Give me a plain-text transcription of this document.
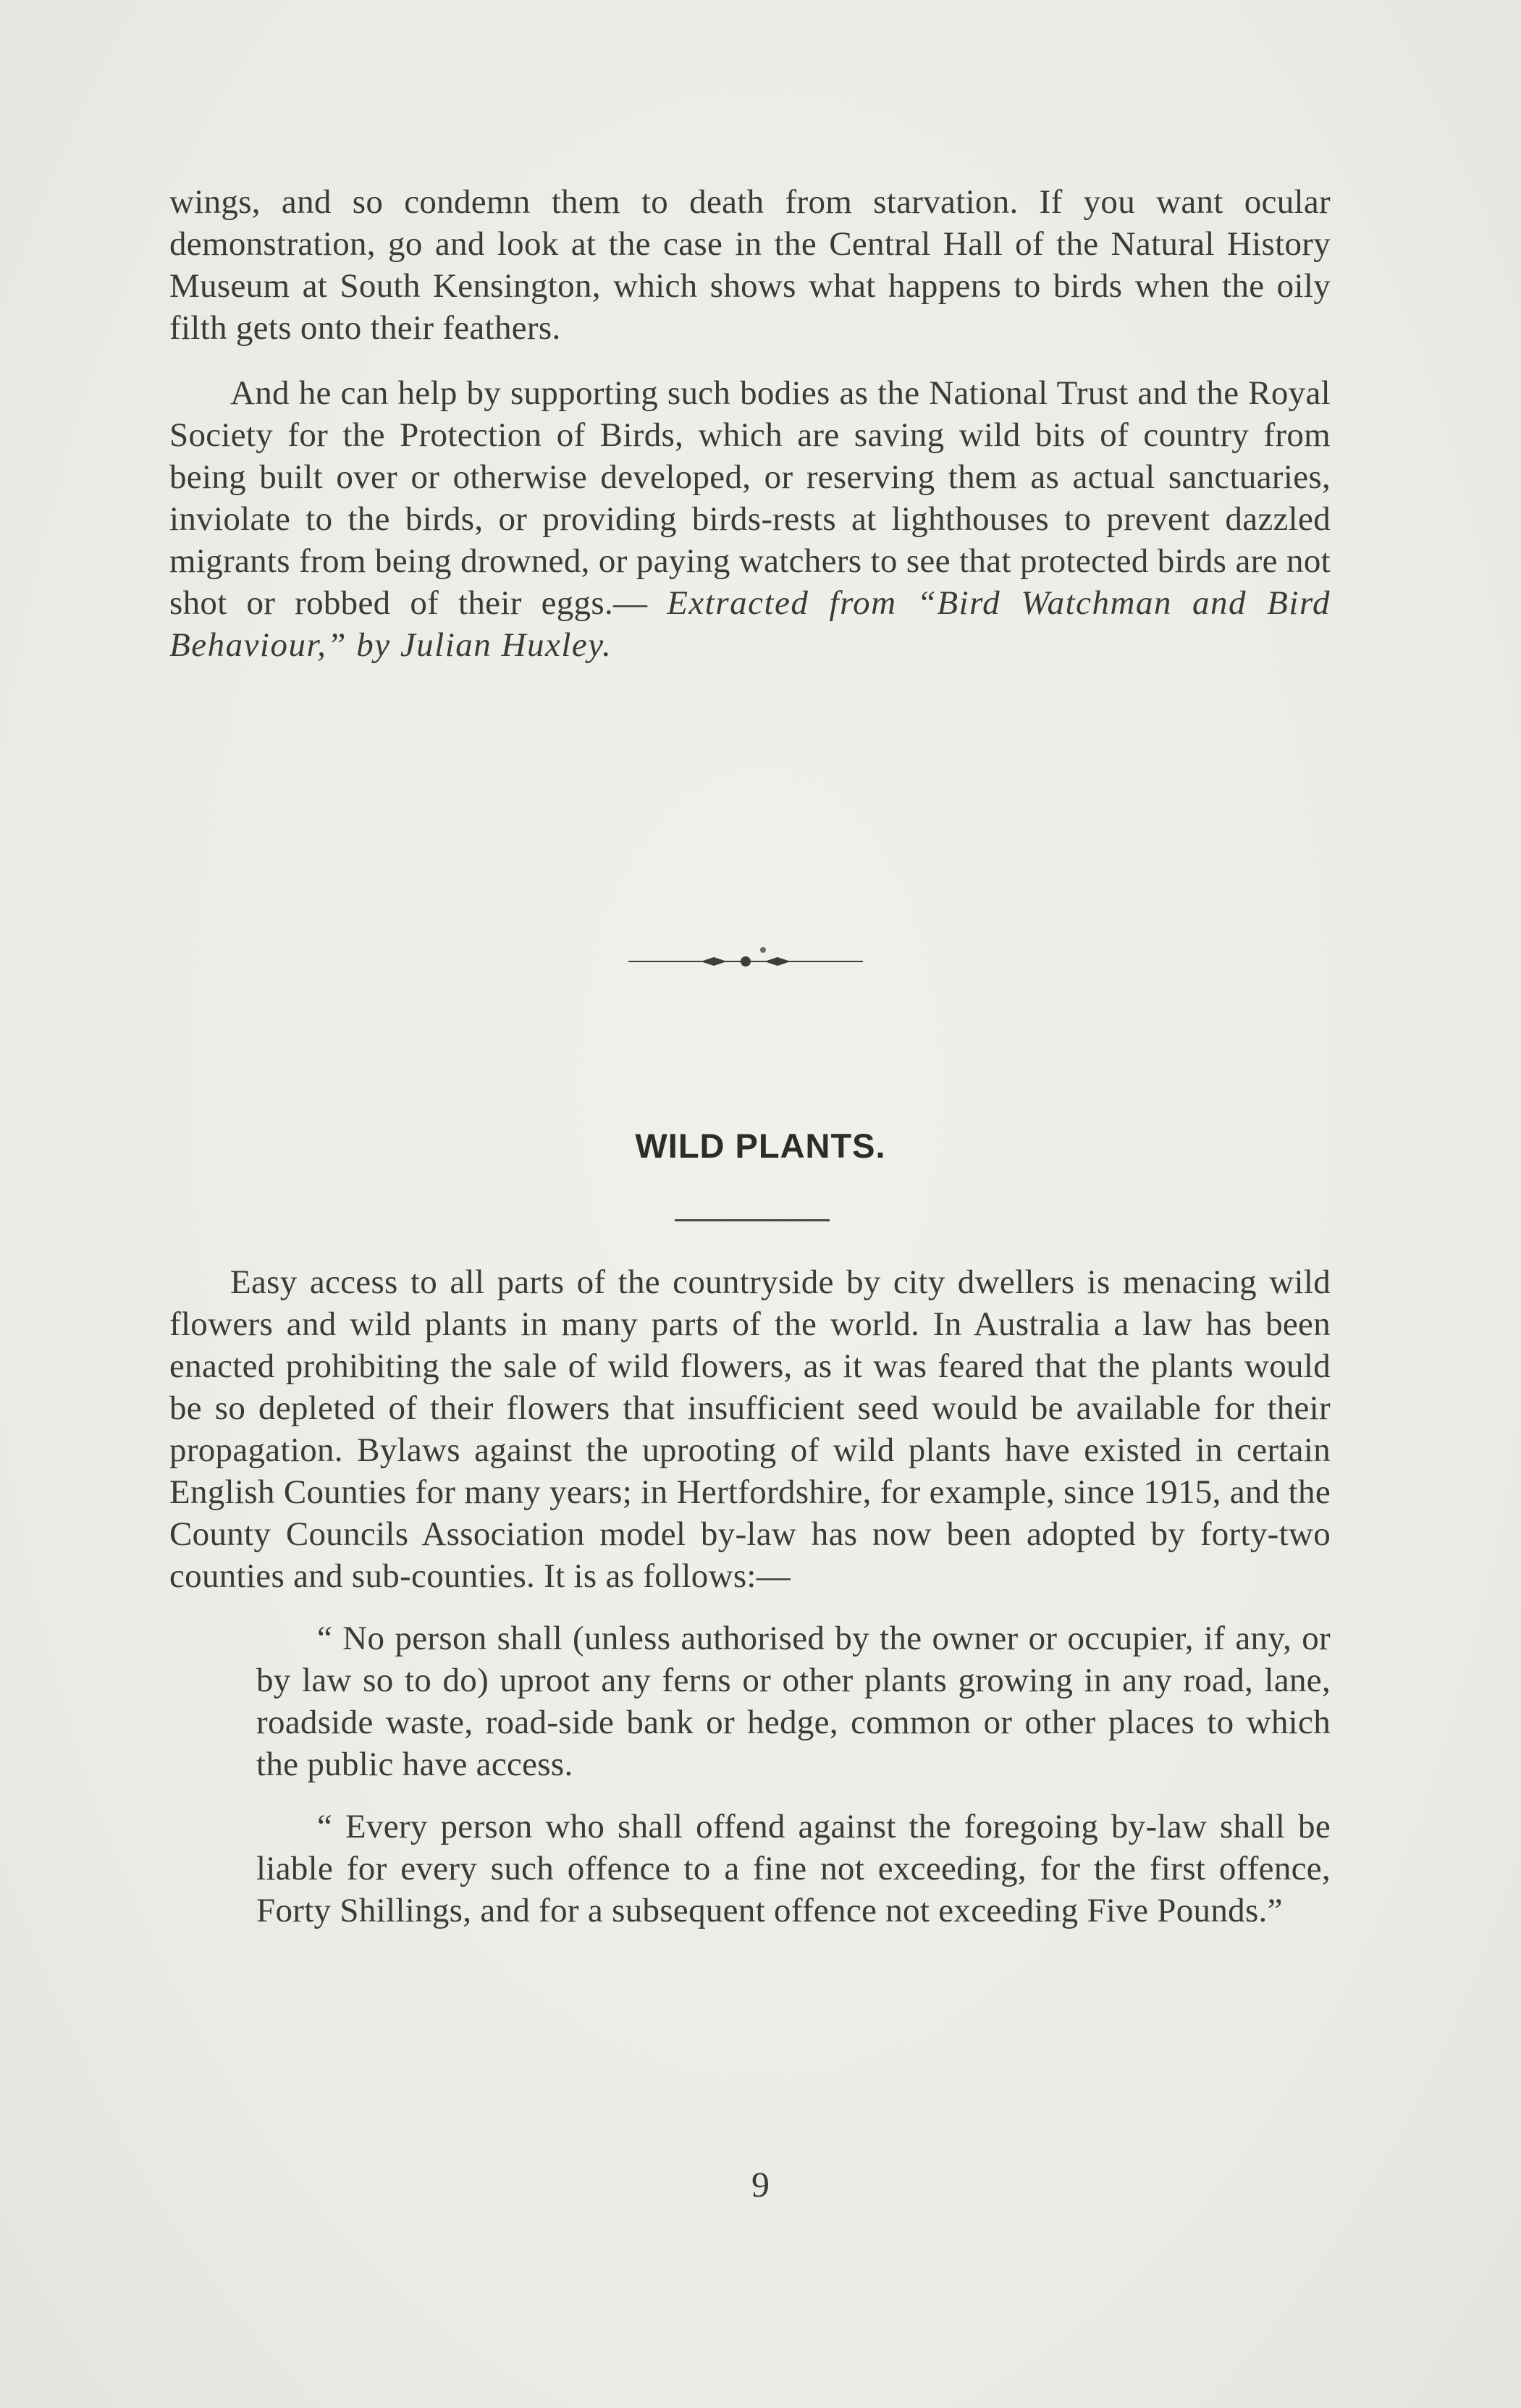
wings, and so condemn them to death from starvation. If you want ocular demonstration, go and look at the case in the Central Hall of the Natural History Museum at South Kensington, which shows what happens to birds when the oily filth gets onto their feathers.

And he can help by supporting such bodies as the National Trust and the Royal Society for the Protection of Birds, which are saving wild bits of country from being built over or otherwise developed, or reserving them as actual sanctuaries, inviolate to the birds, or providing birds-rests at lighthouses to prevent dazzled migrants from being drowned, or paying watchers to see that protected birds are not shot or robbed of their eggs.— Extracted from “Bird Watchman and Bird Behaviour,” by Julian Huxley.

WILD PLANTS.

Easy access to all parts of the countryside by city dwellers is menacing wild flowers and wild plants in many parts of the world. In Australia a law has been enacted prohibiting the sale of wild flowers, as it was feared that the plants would be so depleted of their flowers that insufficient seed would be available for their propagation. Bylaws against the uprooting of wild plants have existed in certain English Counties for many years; in Hertfordshire, for example, since 1915, and the County Councils Association model by-law has now been adopted by forty-two counties and sub-counties. It is as follows:—

“ No person shall (unless authorised by the owner or occupier, if any, or by law so to do) uproot any ferns or other plants growing in any road, lane, roadside waste, road-side bank or hedge, common or other places to which the public have access.

“ Every person who shall offend against the foregoing by-law shall be liable for every such offence to a fine not exceeding, for the first offence, Forty Shillings, and for a subsequent offence not exceeding Five Pounds.”

9
